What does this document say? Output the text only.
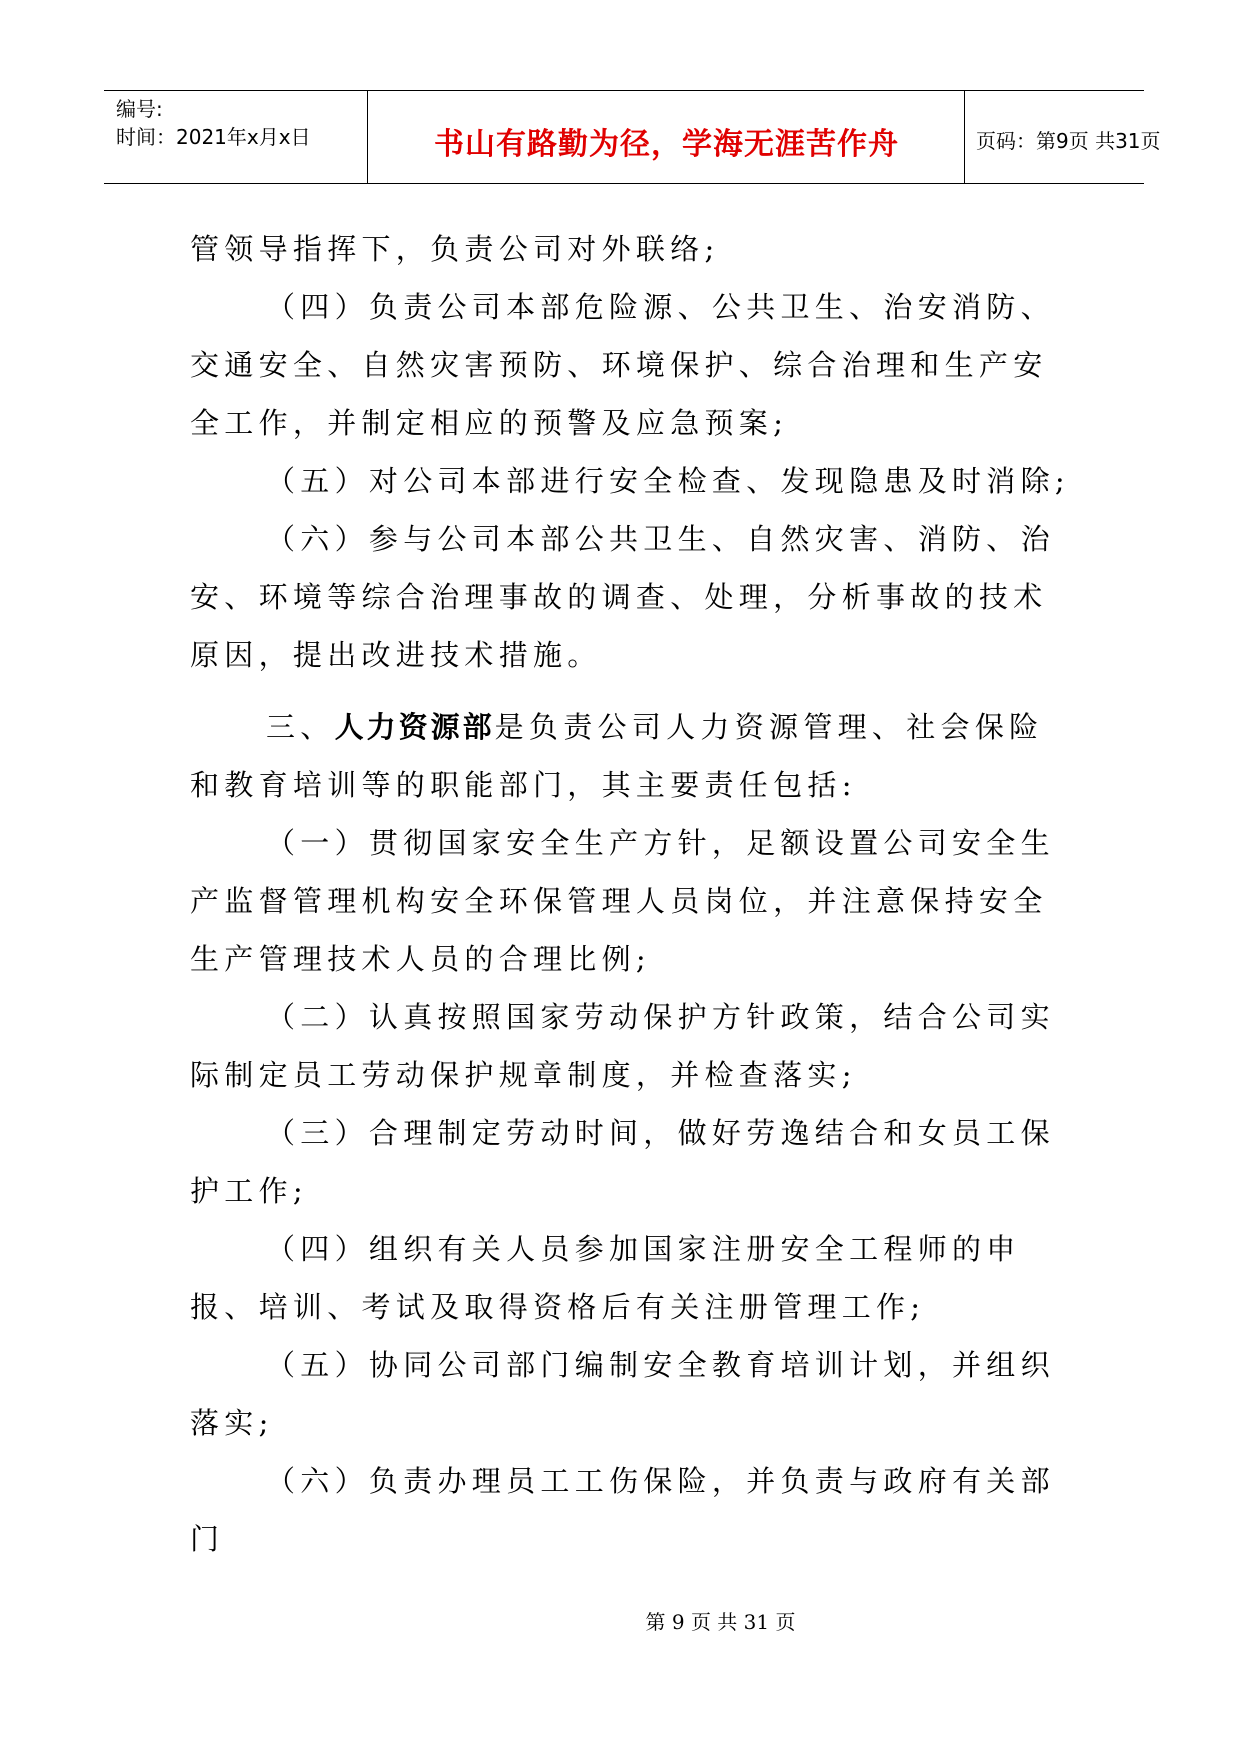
编号:
时间：2021年x月x日	书山有路勤为径，学海无涯苦作舟	页码：第9页 共31页

管领导指挥下，负责公司对外联络;

（四）负责公司本部危险源、公共卫生、治安消防、交通安全、自然灾害预防、环境保护、综合治理和生产安全工作，并制定相应的预警及应急预案;

（五）对公司本部进行安全检查、发现隐患及时消除;

（六）参与公司本部公共卫生、自然灾害、消防、治安、环境等综合治理事故的调查、处理，分析事故的技术原因，提出改进技术措施。

三、人力资源部是负责公司人力资源管理、社会保险和教育培训等的职能部门，其主要责任包括:

（一）贯彻国家安全生产方针，足额设置公司安全生产监督管理机构安全环保管理人员岗位，并注意保持安全生产管理技术人员的合理比例;

（二）认真按照国家劳动保护方针政策，结合公司实际制定员工劳动保护规章制度，并检查落实;

（三）合理制定劳动时间，做好劳逸结合和女员工保护工作;

（四）组织有关人员参加国家注册安全工程师的申报、培训、考试及取得资格后有关注册管理工作;

（五）协同公司部门编制安全教育培训计划，并组织落实;

（六）负责办理员工工伤保险，并负责与政府有关部门

第 9 页 共 31 页
